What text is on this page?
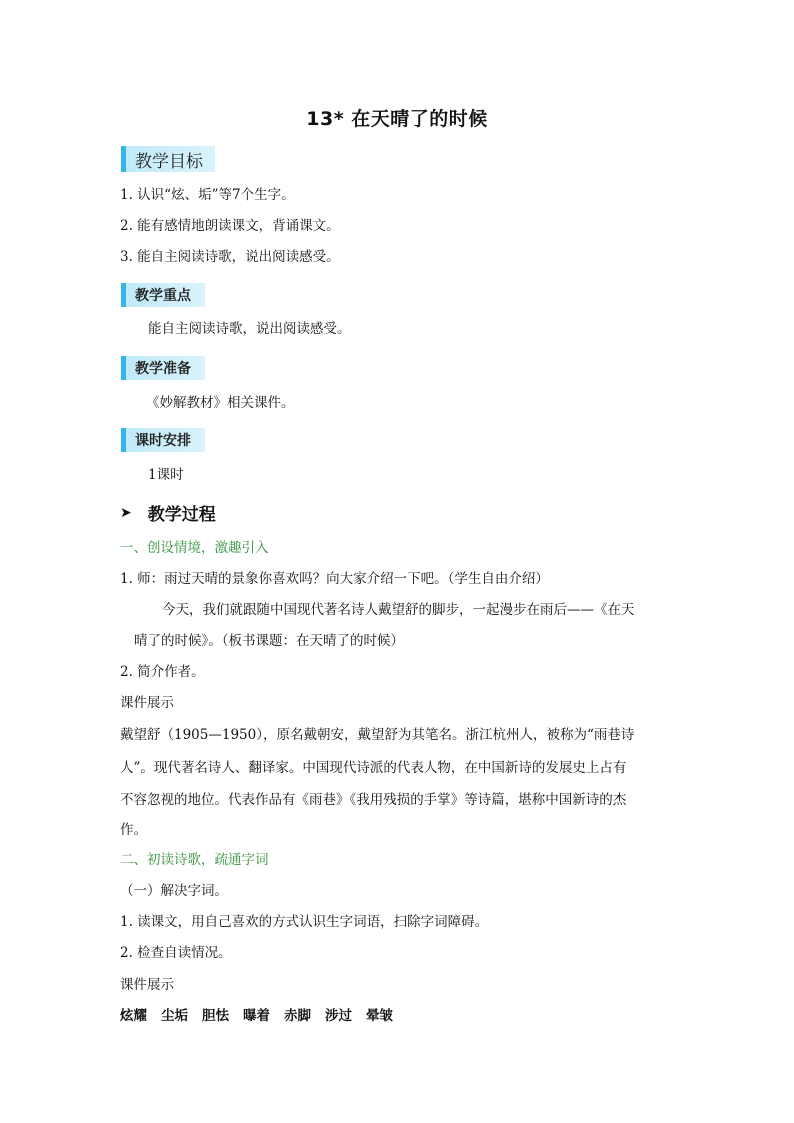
13* 在天晴了的时候
教学目标
1. 认识“炫、垢”等7个生字。
2. 能有感情地朗读课文，背诵课文。
3. 能自主阅读诗歌，说出阅读感受。
教学重点
能自主阅读诗歌，说出阅读感受。
教学准备
《妙解教材》相关课件。
课时安排
1课时
➤ 教学过程
一、创设情境，激趣引入
1. 师：雨过天晴的景象你喜欢吗？向大家介绍一下吧。（学生自由介绍）
今天，我们就跟随中国现代著名诗人戴望舒的脚步，一起漫步在雨后——《在天
晴了的时候》。（板书课题：在天晴了的时候）
2. 简介作者。
课件展示
戴望舒（1905—1950），原名戴朝安，戴望舒为其笔名。浙江杭州人，被称为“雨巷诗
人”。现代著名诗人、翻译家。中国现代诗派的代表人物，在中国新诗的发展史上占有
不容忽视的地位。代表作品有《雨巷》《我用残损的手掌》等诗篇，堪称中国新诗的杰
作。
二、初读诗歌，疏通字词
（一）解决字词。
1. 读课文，用自己喜欢的方式认识生字词语，扫除字词障碍。
2. 检查自读情况。
课件展示
炫耀 尘垢 胆怯 曝着 赤脚 涉过 晕皱
